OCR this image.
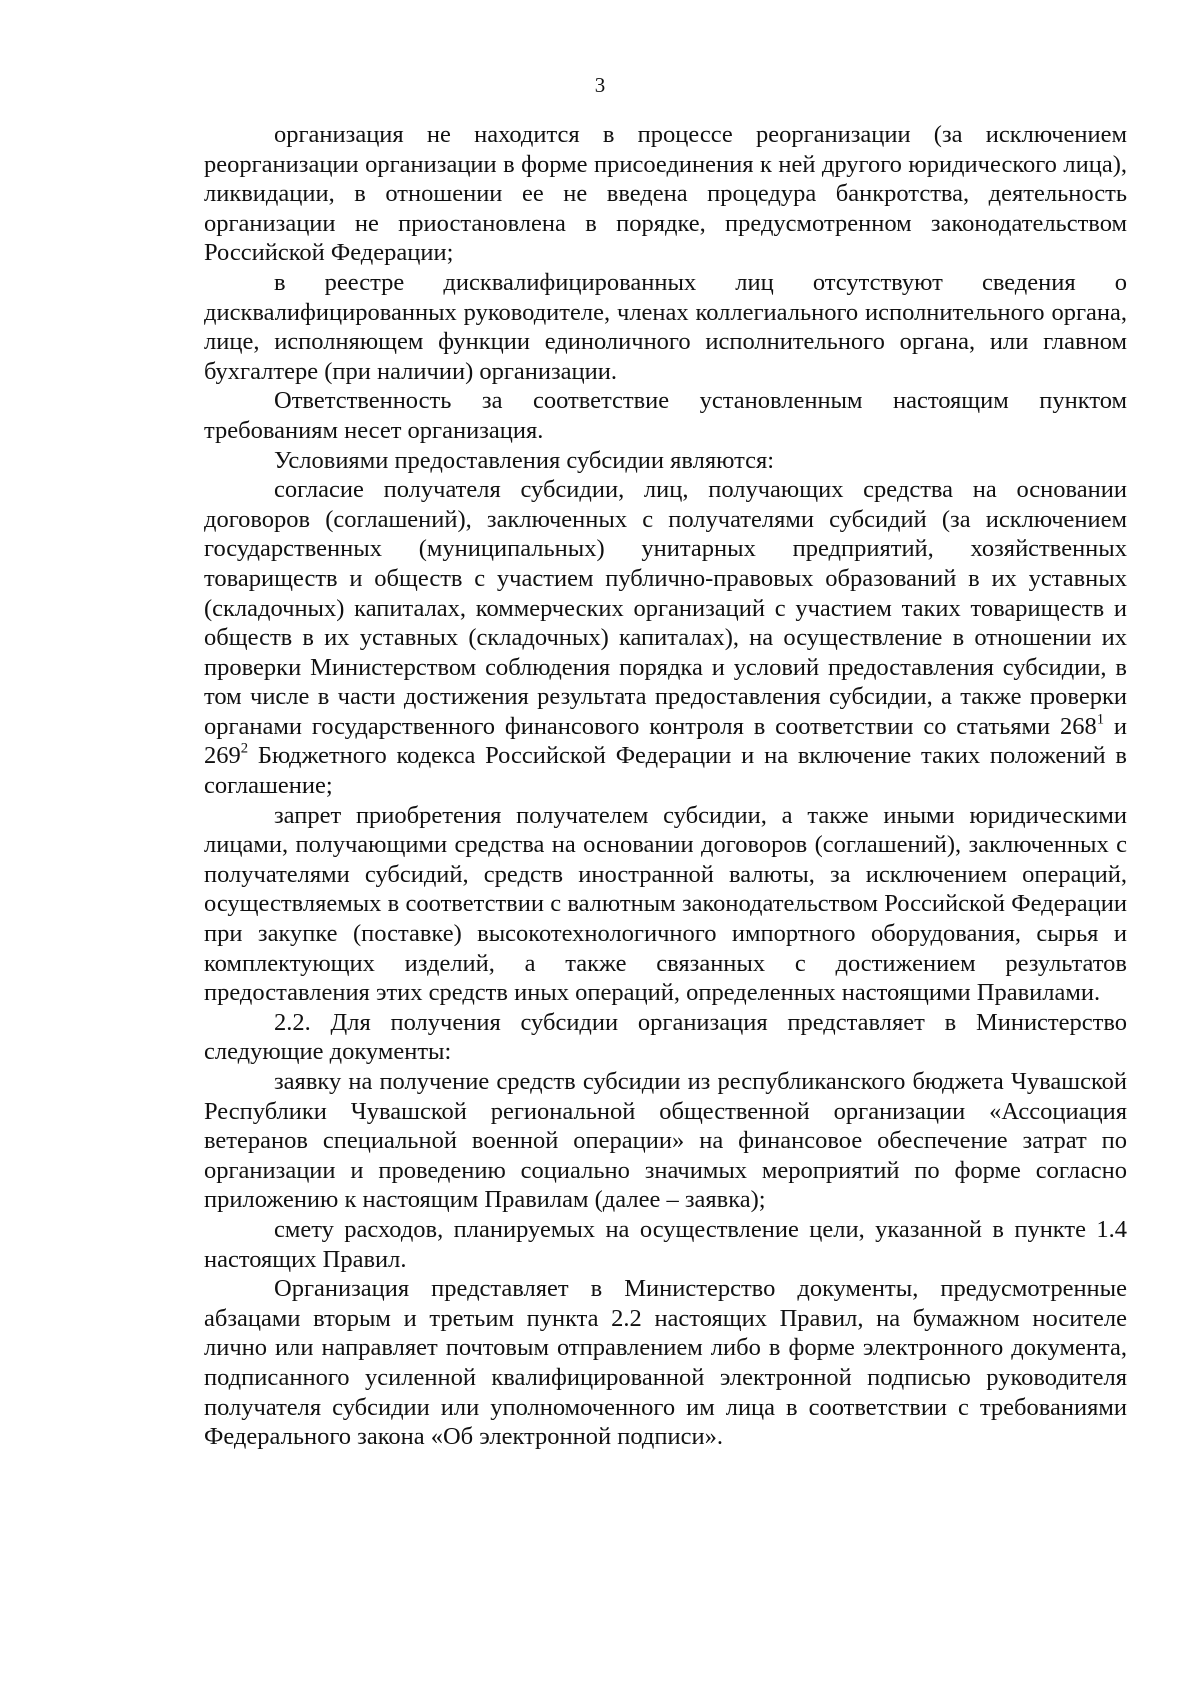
3

организация не находится в процессе реорганизации (за исключением реорганизации организации в форме присоединения к ней другого юридического лица), ликвидации, в отношении ее не введена процедура банкротства, деятельность организации не приостановлена в порядке, предусмотренном законодательством Российской Федерации;

в реестре дисквалифицированных лиц отсутствуют сведения о дисквалифицированных руководителе, членах коллегиального исполнительного органа, лице, исполняющем функции единоличного исполнительного органа, или главном бухгалтере (при наличии) организации.

Ответственность за соответствие установленным настоящим пунктом требованиям несет организация.

Условиями предоставления субсидии являются:

согласие получателя субсидии, лиц, получающих средства на основании договоров (соглашений), заключенных с получателями субсидий (за исключением государственных (муниципальных) унитарных предприятий, хозяйственных товариществ и обществ с участием публично-правовых образований в их уставных (складочных) капиталах, коммерческих организаций с участием таких товариществ и обществ в их уставных (складочных) капиталах), на осуществление в отношении их проверки Министерством соблюдения порядка и условий предоставления субсидии, в том числе в части достижения результата предоставления субсидии, а также проверки органами государственного финансового контроля в соответствии со статьями $268^1$ и $269^2$ Бюджетного кодекса Российской Федерации и на включение таких положений в соглашение;

запрет приобретения получателем субсидии, а также иными юридическими лицами, получающими средства на основании договоров (соглашений), заключенных с получателями субсидий, средств иностранной валюты, за исключением операций, осуществляемых в соответствии с валютным законодательством Российской Федерации при закупке (поставке) высокотехнологичного импортного оборудования, сырья и комплектующих изделий, а также связанных с достижением результатов предоставления этих средств иных операций, определенных настоящими Правилами.

2.2. Для получения субсидии организация представляет в Министерство следующие документы:

заявку на получение средств субсидии из республиканского бюджета Чувашской Республики Чувашской региональной общественной организации «Ассоциация ветеранов специальной военной операции» на финансовое обеспечение затрат по организации и проведению социально значимых мероприятий по форме согласно приложению к настоящим Правилам (далее – заявка);

смету расходов, планируемых на осуществление цели, указанной в пункте 1.4 настоящих Правил.

Организация представляет в Министерство документы, предусмотренные абзацами вторым и третьим пункта 2.2 настоящих Правил, на бумажном носителе лично или направляет почтовым отправлением либо в форме электронного документа, подписанного усиленной квалифицированной электронной подписью руководителя получателя субсидии или уполномоченного им лица в соответствии с требованиями Федерального закона «Об электронной подписи».
